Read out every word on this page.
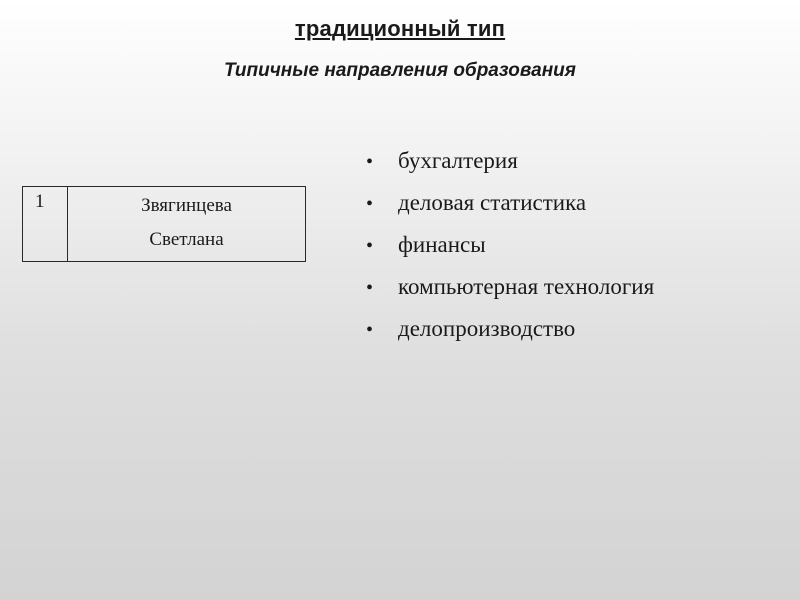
традиционный тип
Типичные направления образования
1	Звягинцева
Светлана
• бухгалтерия
• деловая статистика
• финансы
• компьютерная технология
• делопроизводство
